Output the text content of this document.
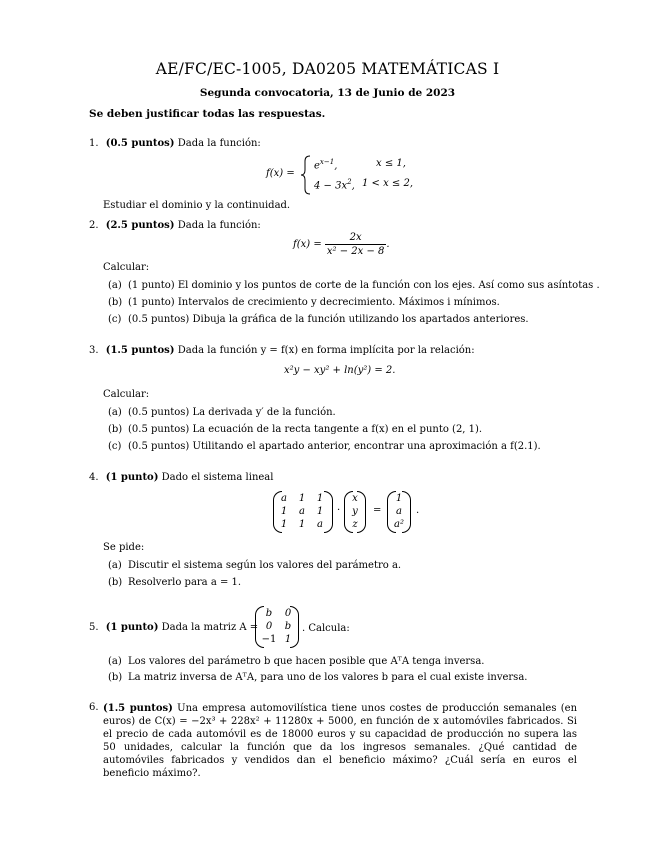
AE/FC/EC-1005, DA0205 MATEMÁTICAS I
Segunda convocatoria, 13 de Junio de 2023
Se deben justificar todas las respuestas.
1. (0.5 puntos) Dada la función:
f(x) =
$e^{x-1}$,	x ≤ 1,
$4 - 3x^2$, 1 < x ≤ 2,
Estudiar el dominio y la continuidad.
2. (2.5 puntos) Dada la función:
$f(x) = \frac{2x}{\text{x² − 2x − 8}}$ .
Calcular:
(a) (1 punto) El dominio y los puntos de corte de la función con los ejes. Así como sus asíntotas .
(b) (1 punto) Intervalos de crecimiento y decrecimiento. Máximos i mínimos.
(c) (0.5 puntos) Dibuja la gráfica de la función utilizando los apartados anteriores.
3. (1.5 puntos) Dada la función y = f(x) en forma implícita por la relación:
x²y − xy² + ln(y²) = 2.
Calcular:
(a) (0.5 puntos) La derivada y′ de la función.
(b) (0.5 puntos) La ecuación de la recta tangente a f(x) en el punto (2, 1).
(c) (0.5 puntos) Utilitando el apartado anterior, encontrar una aproximación a f(2.1).
4. (1 punto) Dado el sistema lineal
a	1	1
1	a	1
1	1	a
·
x
y
z
=
1
a
a²
.
Se pide:
(a) Discutir el sistema según los valores del parámetro a.
(b) Resolverlo para a = 1.
5. (1 punto) Dada la matriz A =
b	0
0	b
−1 1
. Calcula:
(a) Los valores del parámetro b que hacen posible que AᵀA tenga inversa.
(b) La matriz inversa de AᵀA, para uno de los valores b para el cual existe inversa.
6. (1.5 puntos) Una empresa automovilística tiene unos costes de producción semanales (en euros) de C(x) = −2x³ + 228x² + 11280x + 5000, en función de x automóviles fabricados. Si el precio de cada automóvil es de 18000 euros y su capacidad de producción no supera las 50 unidades, calcular la función que da los ingresos semanales. ¿Qué cantidad de automóviles fabricados y vendidos dan el beneficio máximo? ¿Cuál sería en euros el beneficio máximo?.
